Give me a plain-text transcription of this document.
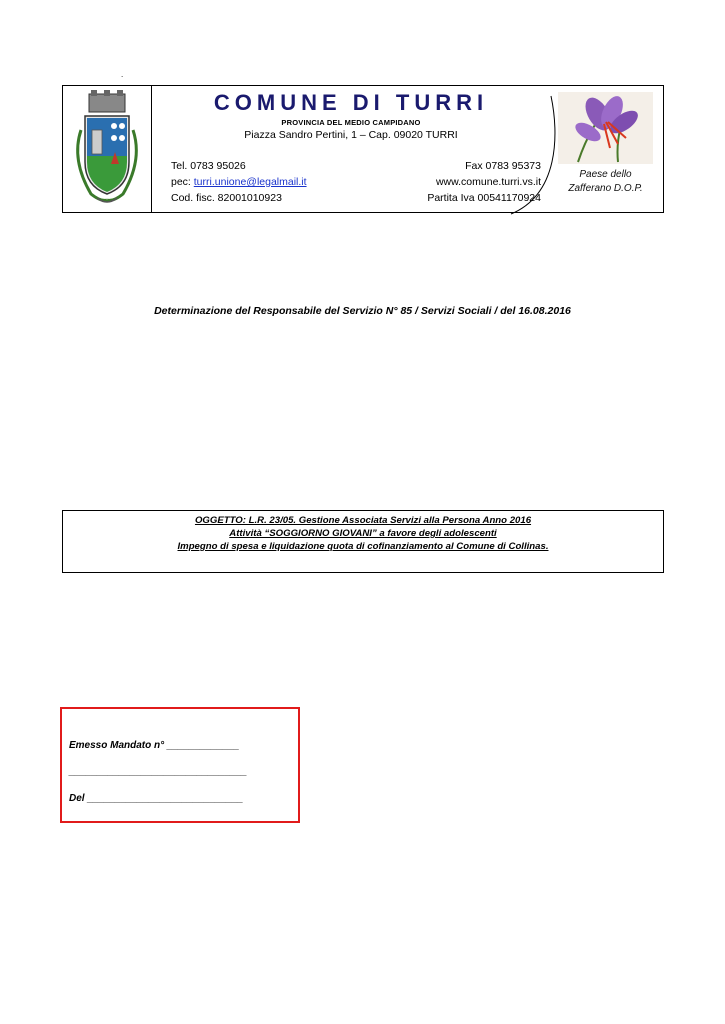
.
COMUNE DI TURRI
PROVINCIA DEL MEDIO CAMPIDANO
Piazza Sandro Pertini, 1 – Cap. 09020 TURRI
Tel. 0783 95026
pec: turri.unione@legalmail.it
Cod. fisc. 82001010923
Fax 0783 95373
www.comune.turri.vs.it
Partita Iva 00541170924
Paese dello
Zafferano D.O.P.
Determinazione del Responsabile del Servizio N° 85 / Servizi Sociali / del 16.08.2016
OGGETTO: L.R. 23/05. Gestione Associata Servizi alla Persona Anno 2016
Attività “SOGGIORNO GIOVANI” a favore degli adolescenti
Impegno di spesa e liquidazione quota di cofinanziamento al Comune di Collinas.
Emesso Mandato n° _____________
________________________________
Del ____________________________
